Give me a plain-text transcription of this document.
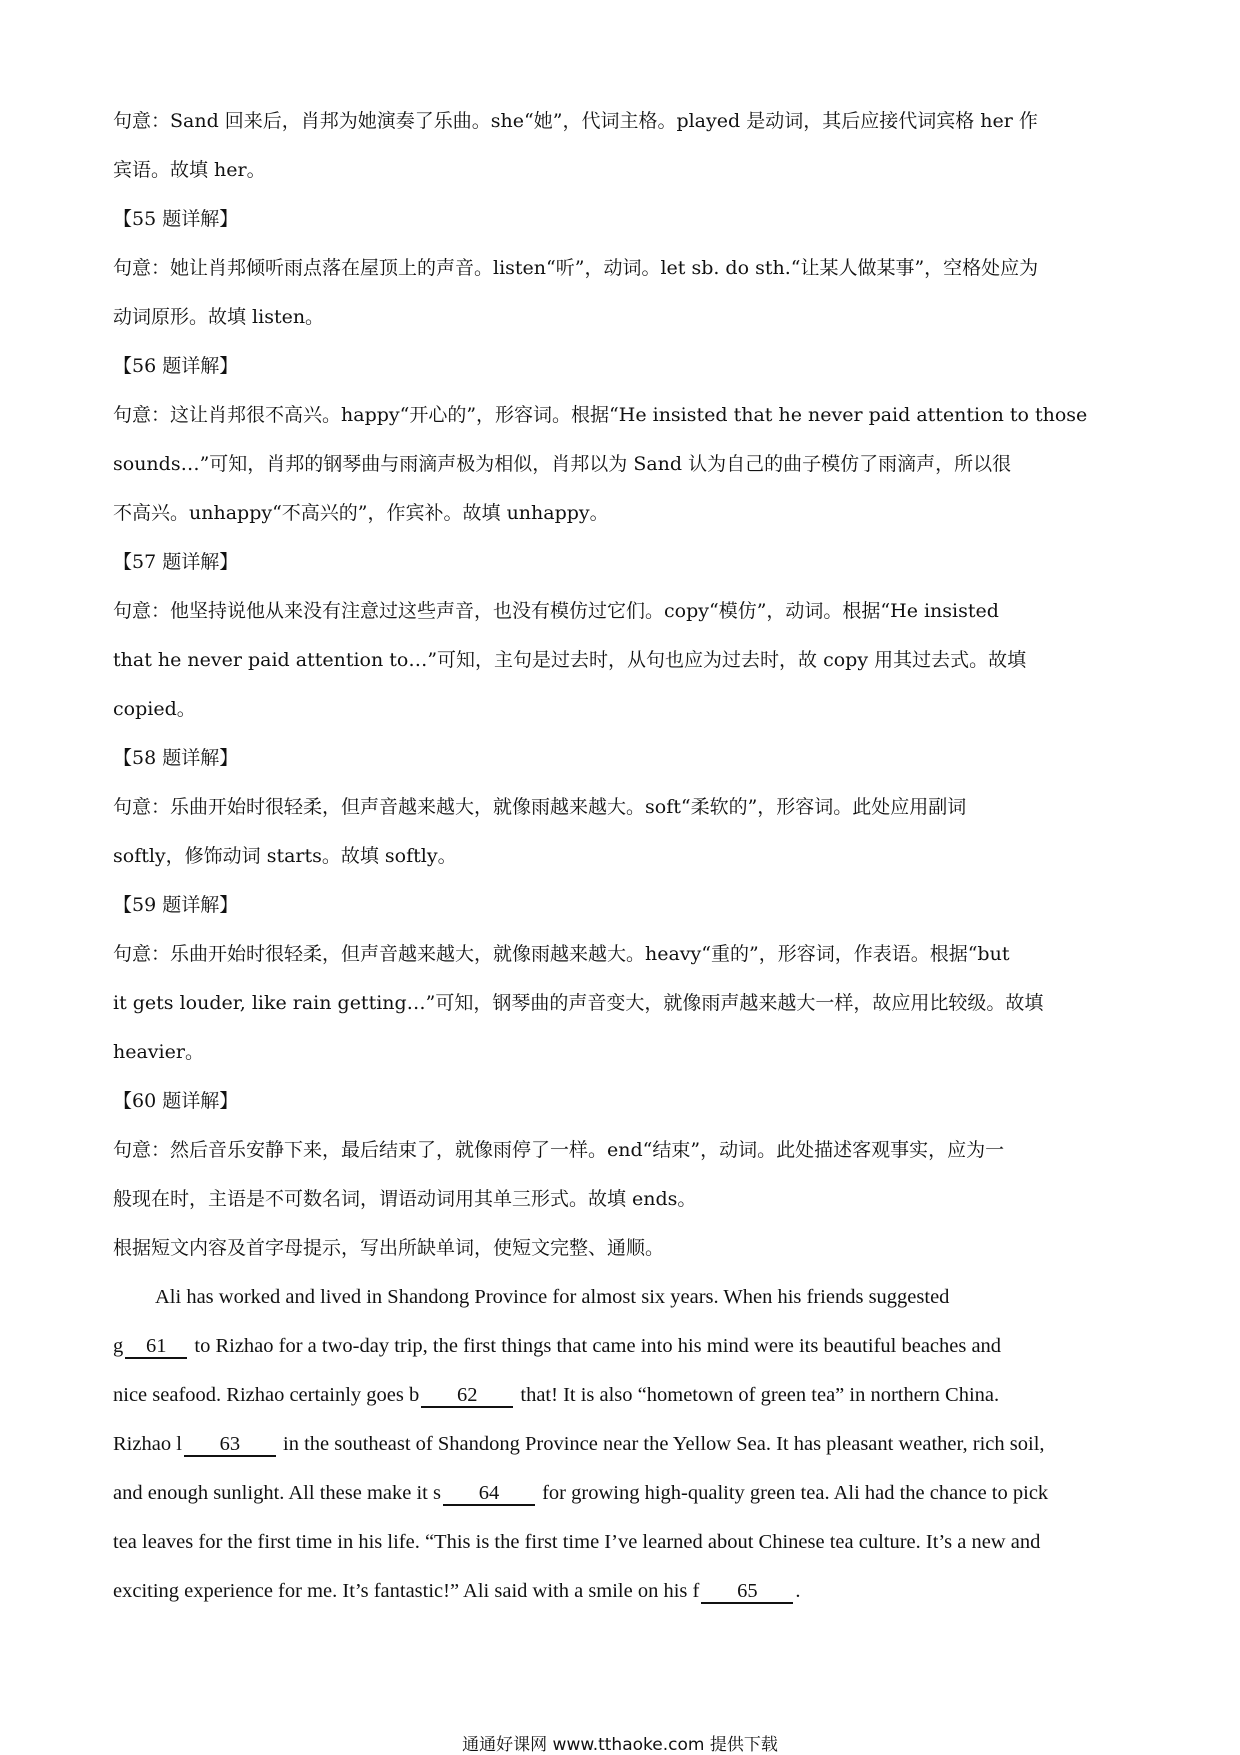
句意：Sand 回来后，肖邦为她演奏了乐曲。she“她”，代词主格。played 是动词，其后应接代词宾格 her 作
宾语。故填 her。
【55 题详解】
句意：她让肖邦倾听雨点落在屋顶上的声音。listen“听”，动词。let sb. do sth.“让某人做某事”，空格处应为
动词原形。故填 listen。
【56 题详解】
句意：这让肖邦很不高兴。happy“开心的”，形容词。根据“He insisted that he never paid attention to those
sounds…”可知，肖邦的钢琴曲与雨滴声极为相似，肖邦以为 Sand 认为自己的曲子模仿了雨滴声，所以很
不高兴。unhappy“不高兴的”，作宾补。故填 unhappy。
【57 题详解】
句意：他坚持说他从来没有注意过这些声音，也没有模仿过它们。copy“模仿”，动词。根据“He insisted
that he never paid attention to…”可知，主句是过去时，从句也应为过去时，故 copy 用其过去式。故填
copied。
【58 题详解】
句意：乐曲开始时很轻柔，但声音越来越大，就像雨越来越大。soft“柔软的”，形容词。此处应用副词
softly，修饰动词 starts。故填 softly。
【59 题详解】
句意：乐曲开始时很轻柔，但声音越来越大，就像雨越来越大。heavy“重的”，形容词，作表语。根据“but
it gets louder, like rain getting…”可知，钢琴曲的声音变大，就像雨声越来越大一样，故应用比较级。故填
heavier。
【60 题详解】
句意：然后音乐安静下来，最后结束了，就像雨停了一样。end“结束”，动词。此处描述客观事实，应为一
般现在时，主语是不可数名词，谓语动词用其单三形式。故填 ends。
根据短文内容及首字母提示，写出所缺单词，使短文完整、通顺。
Ali has worked and lived in Shandong Province for almost six years. When his friends suggested
g 61 to Rizhao for a two-day trip, the first things that came into his mind were its beautiful beaches and
nice seafood. Rizhao certainly goes b 62 that! It is also “hometown of green tea” in northern China.
Rizhao l 63 in the southeast of Shandong Province near the Yellow Sea. It has pleasant weather, rich soil,
and enough sunlight. All these make it s 64 for growing high-quality green tea. Ali had the chance to pick
tea leaves for the first time in his life. “This is the first time I’ve learned about Chinese tea culture. It’s a new and
exciting experience for me. It’s fantastic!” Ali said with a smile on his f 65 .
通通好课网 www.tthaoke.com 提供下载
